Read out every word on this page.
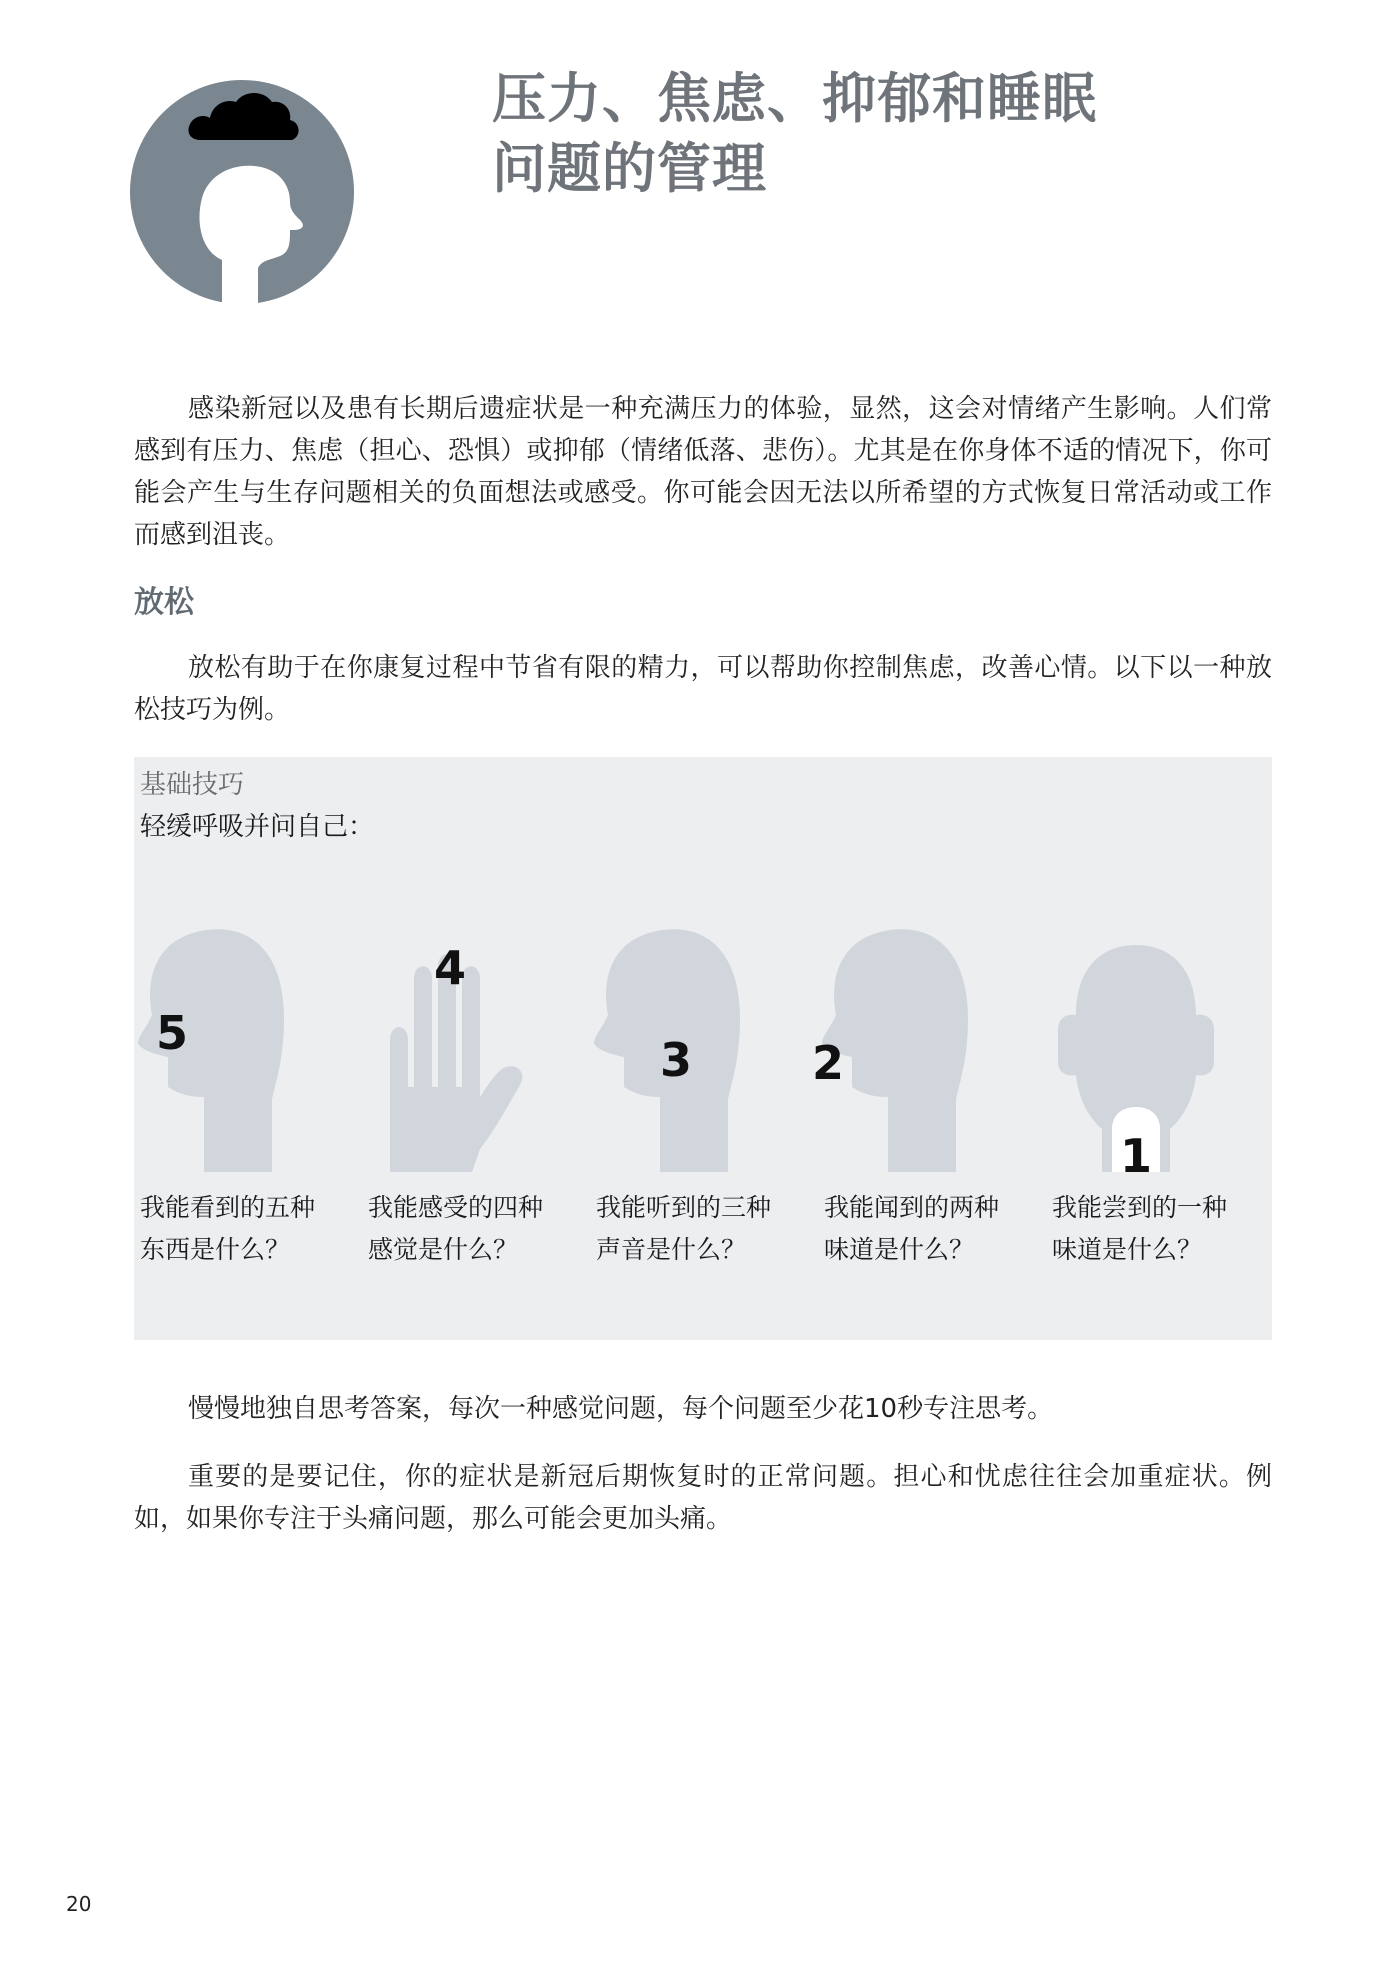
压力、焦虑、抑郁和睡眠
问题的管理

感染新冠以及患有长期后遗症状是一种充满压力的体验，显然，这会对情绪产生影响。人们常感到有压力、焦虑（担心、恐惧）或抑郁（情绪低落、悲伤）。尤其是在你身体不适的情况下，你可能会产生与生存问题相关的负面想法或感受。你可能会因无法以所希望的方式恢复日常活动或工作而感到沮丧。

放松

放松有助于在你康复过程中节省有限的精力，可以帮助你控制焦虑，改善心情。以下以一种放松技巧为例。

基础技巧
轻缓呼吸并问自己：
5

我能看到的五种
东西是什么？

4

我能感受的四种
感觉是什么？

3

我能听到的三种
声音是什么？

2

我能闻到的两种
味道是什么？

1

我能尝到的一种
味道是什么？

慢慢地独自思考答案，每次一种感觉问题，每个问题至少花10秒专注思考。

重要的是要记住，你的症状是新冠后期恢复时的正常问题。担心和忧虑往往会加重症状。例如，如果你专注于头痛问题，那么可能会更加头痛。

20
